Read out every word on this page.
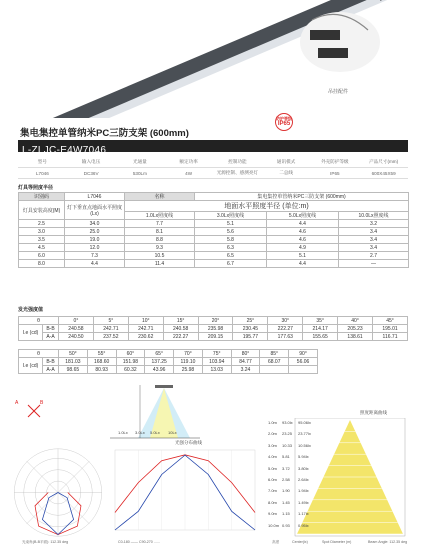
吊挂配件
防护等级
IP65
集电集控单管纳米PC三防支架 (600mm)
L-ZLJC-E4W7046
型号	输入电压	光通量	额定功率	控制功能	通讯模式	外壳防护等级	产品尺寸(mm)
L7046	DC36V	530Lm	4W	光源控制、感测亮灯	二总线	IP65	600X45X59
灯具等照度半径
识别码	L7046	名称	集电集控单管纳米PC三防支架 (600mm)		
灯具安装高度(M)	灯下垂直点地面水平照度(Lx)	地面水平照度半径 (单位:m)			
		1.0Lx照度线	3.0Lx照度线	5.0Lx照度线	10.0Lx照度线
2.5	34.0	7.7	5.1	4.4	3.2
3.0	25.0	8.1	5.6	4.6	3.4
3.5	19.0	8.8	5.8	4.6	3.4
4.5	12.0	9.3	6.3	4.9	3.4
6.0	7.3	10.5	6.5	5.1	2.7
8.0	4.4	11.4	6.7	4.4	—
发光强度值
θ		0°	5°	10°	15°	20°	25°	30°	35°	40°	45°
I.e (cd)	B-B	240.58	242.71	242.71	240.58	235.98	230.45	222.27	214.17	205.23	195.01
	A-A	240.50	237.52	230.62	222.27	209.15	195.77	177.63	155.65	138.61	116.71
θ		50°	55°	60°	65°	70°	75°	80°	85°	90°
I.e (cd)	B-B	181.03	168.60	151.98	137.25	119.10	103.94	84.77	68.07	56.06
	A-A	98.65	80.93	60.32	43.96	25.98	13.03	3.24		
A	B
1.0Lx 3.0Lx 5.0Lx 10Lx
光束角(B-B平面): 112.35 deg
光强分布曲线
C0-180 —— C90-270 ......
照度距离曲线
1.0m 93.0lx 95.06lx
2.0m 23.25 23.77lx
3.0m 10.33 10.56lx
4.0m 5.81 5.94lx
5.0m 3.72 3.80lx
6.0m 2.58 2.64lx
7.0m 1.90 1.94lx
8.0m 1.45 1.49lx
9.0m 1.15 1.17lx
10.0m 0.93 0.95lx
高度	Center(lx)	Spot Diameter (m)	Beam Angle: 112.35 deg
